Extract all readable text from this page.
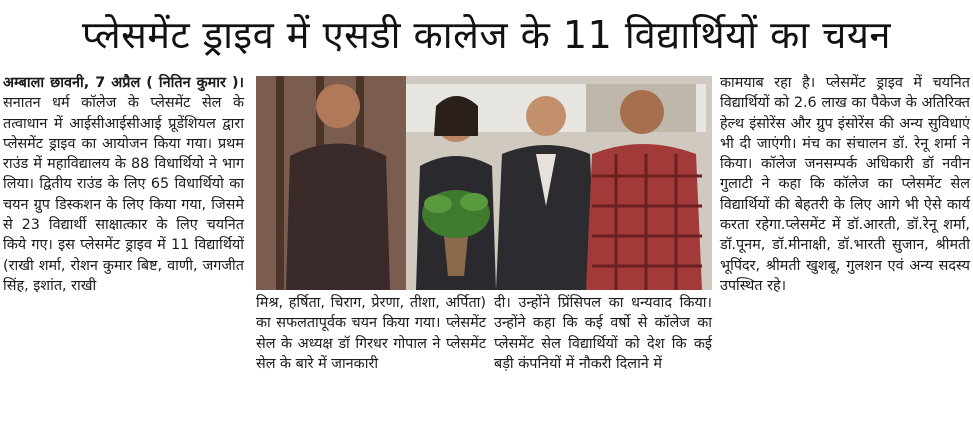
प्लेसमेंट ड्राइव में एसडी कालेज के 11 विद्यार्थियों का चयन

अम्बाला छावनी, 7 अप्रैल ( नितिन कुमार )। सनातन धर्म कॉलेज के प्लेसमेंट सेल के तत्वाधान में आईसीआईसीआई प्रूडेंशियल द्वारा प्लेसमेंट ड्राइव का आयोजन किया गया। प्रथम राउंड में महाविद्यालय के 88 विधार्थियो ने भाग लिया। द्वितीय राउंड के लिए 65 विधार्थियो का चयन ग्रुप डिस्कशन के लिए किया गया, जिसमे से 23 विद्यार्थी साक्षात्कार के लिए चयनित किये गए। इस प्लेसमेंट ड्राइव में 11 विद्यार्थियों (राखी शर्मा, रोशन कुमार बिष्ट, वाणी, जगजीत सिंह, इशांत, राखी

मिश्र, हर्षिता, चिराग, प्रेरणा, तीशा, अर्पिता) का सफलतापूर्वक चयन किया गया। प्लेसमेंट सेल के अध्यक्ष डॉ गिरधर गोपाल ने प्लेसमेंट सेल के बारे में जानकारी

दी। उन्होंने प्रिंसिपल का धन्यवाद किया। उन्होंने कहा कि कई वर्षो से कॉलेज का प्लेसमेंट सेल विद्यार्थियों को देश कि कई बड़ी कंपनियों में नौकरी दिलाने में

कामयाब रहा है। प्लेसमेंट ड्राइव में चयनित विद्यार्थियों को 2.6 लाख का पैकेज के अतिरिक्त हेल्थ इंसोरेंस और ग्रुप इंसोरेंस की अन्य सुविधाएं भी दी जाएंगी। मंच का संचालन डॉ. रेनू शर्मा ने किया। कॉलेज जनसम्पर्क अधिकारी डॉ नवीन गुलाटी ने कहा कि कॉलेज का प्लेसमेंट सेल विद्यार्थियों की बेहतरी के लिए आगे भी ऐसे कार्य करता रहेगा.प्लेसमेंट में डॉ.आरती, डॉ.रेनू शर्मा, डॉ.पूनम, डॉ.मीनाक्षी, डॉ.भारती सुजान, श्रीमती भूपिंदर, श्रीमती खुशबू, गुलशन एवं अन्य सदस्य उपस्थित रहे।
